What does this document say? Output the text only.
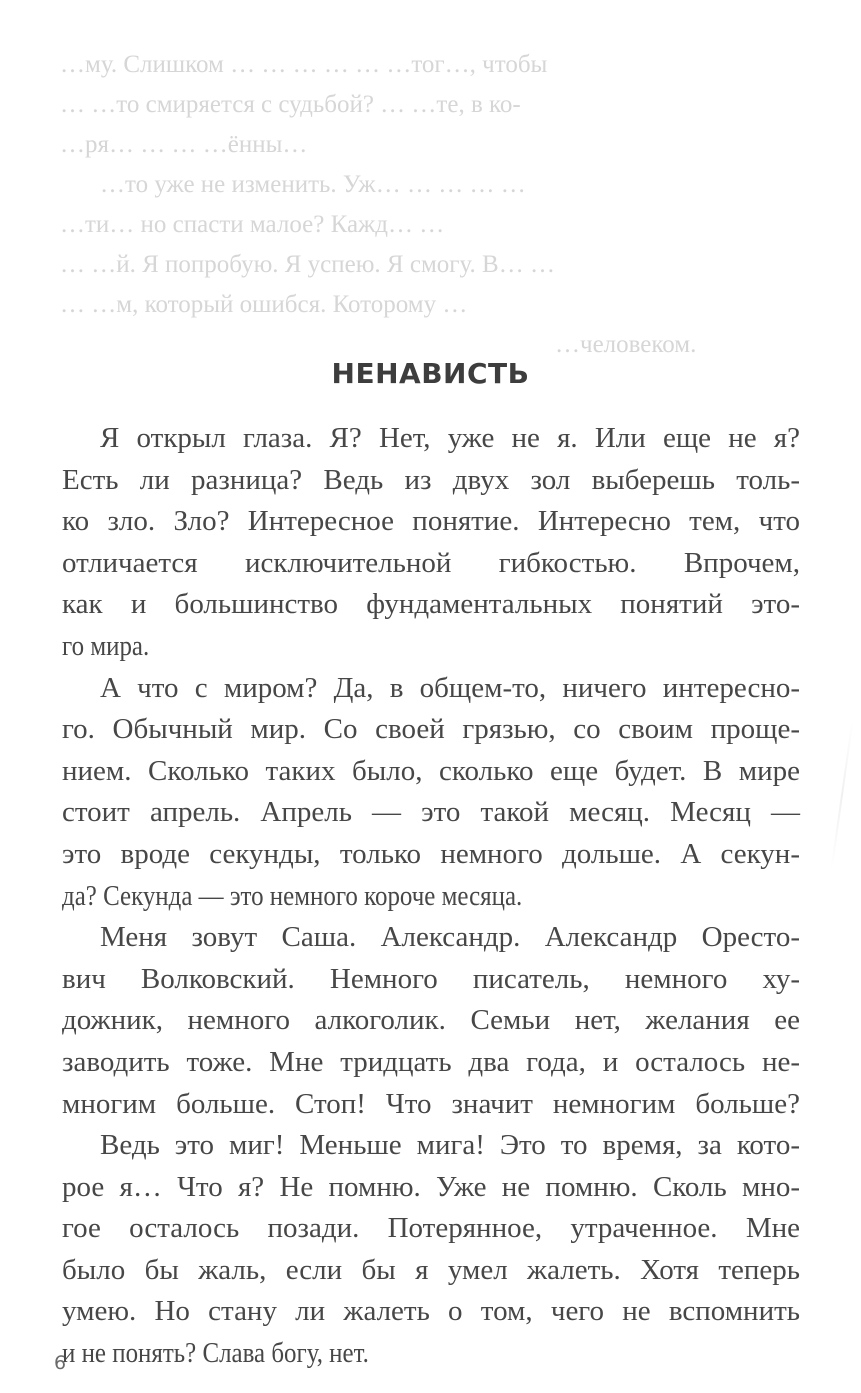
…му. Слишком … … … … … …тог…, чтобы
… …то смиряется с судьбой? … …те, в ко-
…ря… … … …ённы…
…то уже не изменить. Уж… … … … …
…ти… но спасти малое? Кажд… …
… …й. Я попробую. Я успею. Я смогу. В… …
… …м, который ошибся. Которому …
…человеком.
НЕНАВИСТЬ

Я открыл глаза. Я? Нет, уже не я. Или еще не я?
Есть ли разница? Ведь из двух зол выберешь толь-
ко зло. Зло? Интересное понятие. Интересно тем, что
отличается исключительной гибкостью. Впрочем,
как и большинство фундаментальных понятий это-
го мира.

А что с миром? Да, в общем-то, ничего интересно-
го. Обычный мир. Со своей грязью, со своим проще-
нием. Сколько таких было, сколько еще будет. В мире
стоит апрель. Апрель — это такой месяц. Месяц —
это вроде секунды, только немного дольше. А секун-
да? Секунда — это немного короче месяца.

Меня зовут Саша. Александр. Александр Оресто-
вич Волковский. Немного писатель, немного ху-
дожник, немного алкоголик. Семьи нет, желания ее
заводить тоже. Мне тридцать два года, и осталось не-
многим больше. Стоп! Что значит немногим больше?

Ведь это миг! Меньше мига! Это то время, за кото-
рое я… Что я? Не помню. Уже не помню. Сколь мно-
гое осталось позади. Потерянное, утраченное. Мне
было бы жаль, если бы я умел жалеть. Хотя теперь
умею. Но стану ли жалеть о том, чего не вспомнить
и не понять? Слава богу, нет.

6
